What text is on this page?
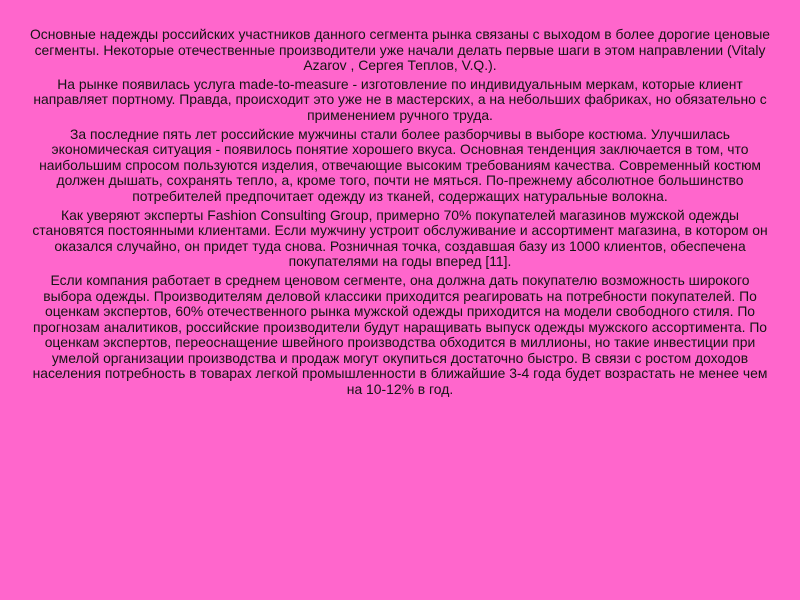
Основные надежды российских участников данного сегмента рынка связаны с выходом в более дорогие ценовые сегменты. Некоторые отечественные производители уже начали делать первые шаги в этом направлении (Vitaly Azarov , Сергея Теплов, V.Q.).

На рынке появилась услуга made-to-measure - изготовление по индивидуальным меркам, которые клиент направляет портному. Правда, происходит это уже не в мастерских, а на небольших фабриках, но обязательно с применением ручного труда.

За последние пять лет российские мужчины стали более разборчивы в выборе костюма. Улучшилась экономическая ситуация - появилось понятие хорошего вкуса. Основная тенденция заключается в том, что наибольшим спросом пользуются изделия, отвечающие высоким требованиям качества. Современный костюм должен дышать, сохранять тепло, а, кроме того, почти не мяться. По-прежнему абсолютное большинство потребителей предпочитает одежду из тканей, содержащих натуральные волокна.

Как уверяют эксперты Fashion Consulting Group, примерно 70% покупателей магазинов мужской одежды становятся постоянными клиентами. Если мужчину устроит обслуживание и ассортимент магазина, в котором он оказался случайно, он придет туда снова. Розничная точка, создавшая базу из 1000 клиентов, обеспечена покупателями на годы вперед [11].

Если компания работает в среднем ценовом сегменте, она должна дать покупателю возможность широкого выбора одежды. Производителям деловой классики приходится реагировать на потребности покупателей. По оценкам экспертов, 60% отечественного рынка мужской одежды приходится на модели свободного стиля. По прогнозам аналитиков, российские производители будут наращивать выпуск одежды мужского ассортимента. По оценкам экспертов, переоснащение швейного производства обходится в миллионы, но такие инвестиции при умелой организации производства и продаж могут окупиться достаточно быстро. В связи с ростом доходов населения потребность в товарах легкой промышленности в ближайшие 3-4 года будет возрастать не менее чем на 10-12% в год.
